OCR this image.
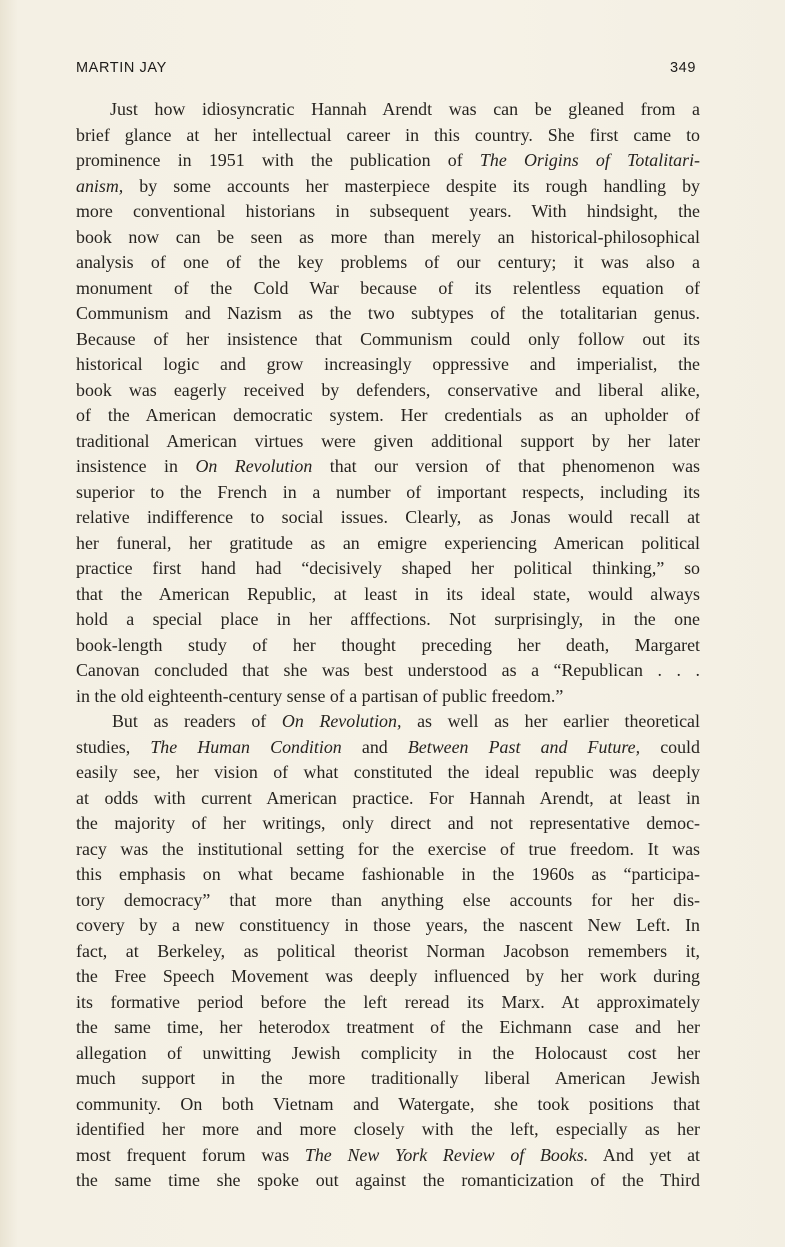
MARTIN JAY	349
Just how idiosyncratic Hannah Arendt was can be gleaned from a
brief glance at her intellectual career in this country. She first came to
prominence in 1951 with the publication of The Origins of Totalitari-
anism, by some accounts her masterpiece despite its rough handling by
more conventional historians in subsequent years. With hindsight, the
book now can be seen as more than merely an historical-philosophical
analysis of one of the key problems of our century; it was also a
monument of the Cold War because of its relentless equation of
Communism and Nazism as the two subtypes of the totalitarian genus.
Because of her insistence that Communism could only follow out its
historical logic and grow increasingly oppressive and imperialist, the
book was eagerly received by defenders, conservative and liberal alike,
of the American democratic system. Her credentials as an upholder of
traditional American virtues were given additional support by her later
insistence in On Revolution that our version of that phenomenon was
superior to the French in a number of important respects, including its
relative indifference to social issues. Clearly, as Jonas would recall at
her funeral, her gratitude as an emigre experiencing American political
practice first hand had “decisively shaped her political thinking,” so
that the American Republic, at least in its ideal state, would always
hold a special place in her afffections. Not surprisingly, in the one
book-length study of her thought preceding her death, Margaret
Canovan concluded that she was best understood as a “Republican . . .
in the old eighteenth-century sense of a partisan of public freedom.”
But as readers of On Revolution, as well as her earlier theoretical
studies, The Human Condition and Between Past and Future, could
easily see, her vision of what constituted the ideal republic was deeply
at odds with current American practice. For Hannah Arendt, at least in
the majority of her writings, only direct and not representative democ-
racy was the institutional setting for the exercise of true freedom. It was
this emphasis on what became fashionable in the 1960s as “participa-
tory democracy” that more than anything else accounts for her dis-
covery by a new constituency in those years, the nascent New Left. In
fact, at Berkeley, as political theorist Norman Jacobson remembers it,
the Free Speech Movement was deeply influenced by her work during
its formative period before the left reread its Marx. At approximately
the same time, her heterodox treatment of the Eichmann case and her
allegation of unwitting Jewish complicity in the Holocaust cost her
much support in the more traditionally liberal American Jewish
community. On both Vietnam and Watergate, she took positions that
identified her more and more closely with the left, especially as her
most frequent forum was The New York Review of Books. And yet at
the same time she spoke out against the romanticization of the Third
